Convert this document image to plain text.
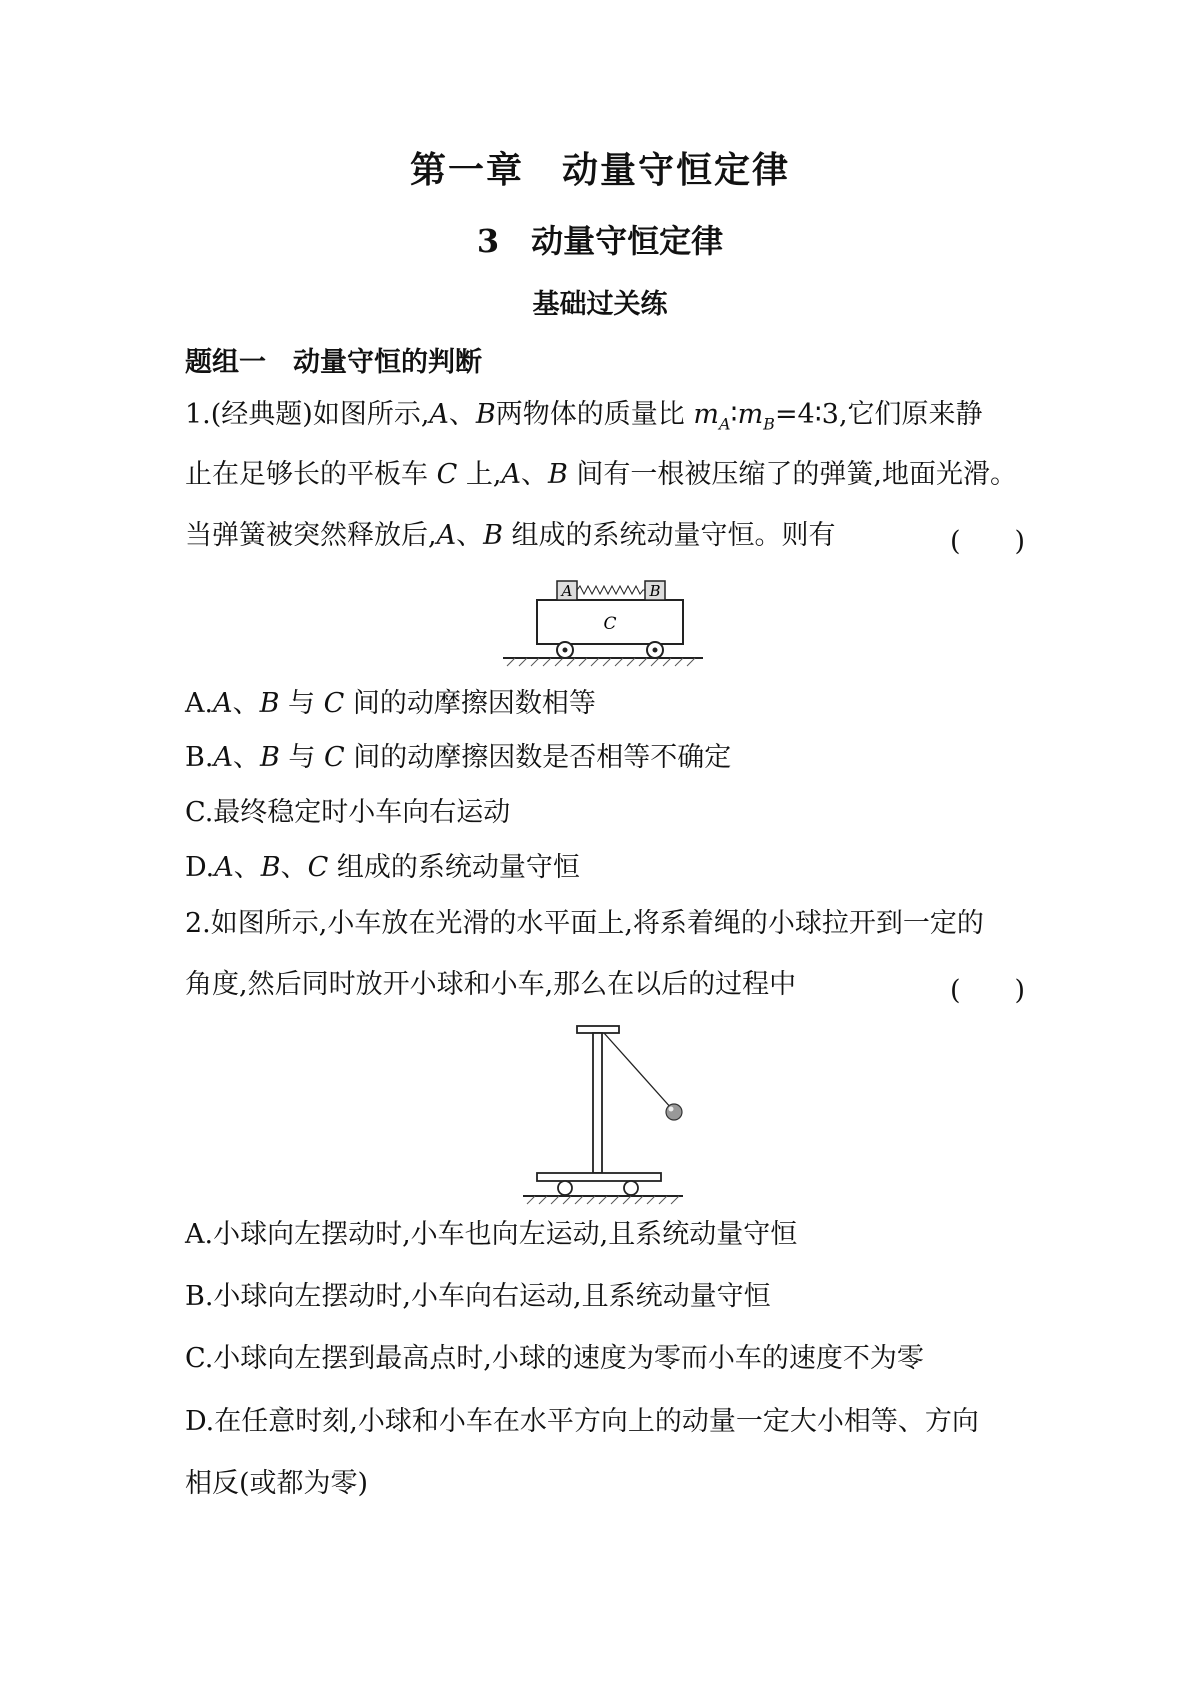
第一章　动量守恒定律
3　动量守恒定律
基础过关练
题组一　动量守恒的判断
1.(经典题)如图所示,A、B两物体的质量比 $m_A∶m_B=4∶3$,它们原来静
止在足够长的平板车 C 上,A、B 间有一根被压缩了的弹簧,地面光滑。
当弹簧被突然释放后,A、B 组成的系统动量守恒。则有	(　　)
A	B
C
A.A、B 与 C 间的动摩擦因数相等
B.A、B 与 C 间的动摩擦因数是否相等不确定
C.最终稳定时小车向右运动
D.A、B、C 组成的系统动量守恒
2.如图所示,小车放在光滑的水平面上,将系着绳的小球拉开到一定的
角度,然后同时放开小球和小车,那么在以后的过程中	(　　)
A.小球向左摆动时,小车也向左运动,且系统动量守恒
B.小球向左摆动时,小车向右运动,且系统动量守恒
C.小球向左摆到最高点时,小球的速度为零而小车的速度不为零
D.在任意时刻,小球和小车在水平方向上的动量一定大小相等、方向
相反(或都为零)
